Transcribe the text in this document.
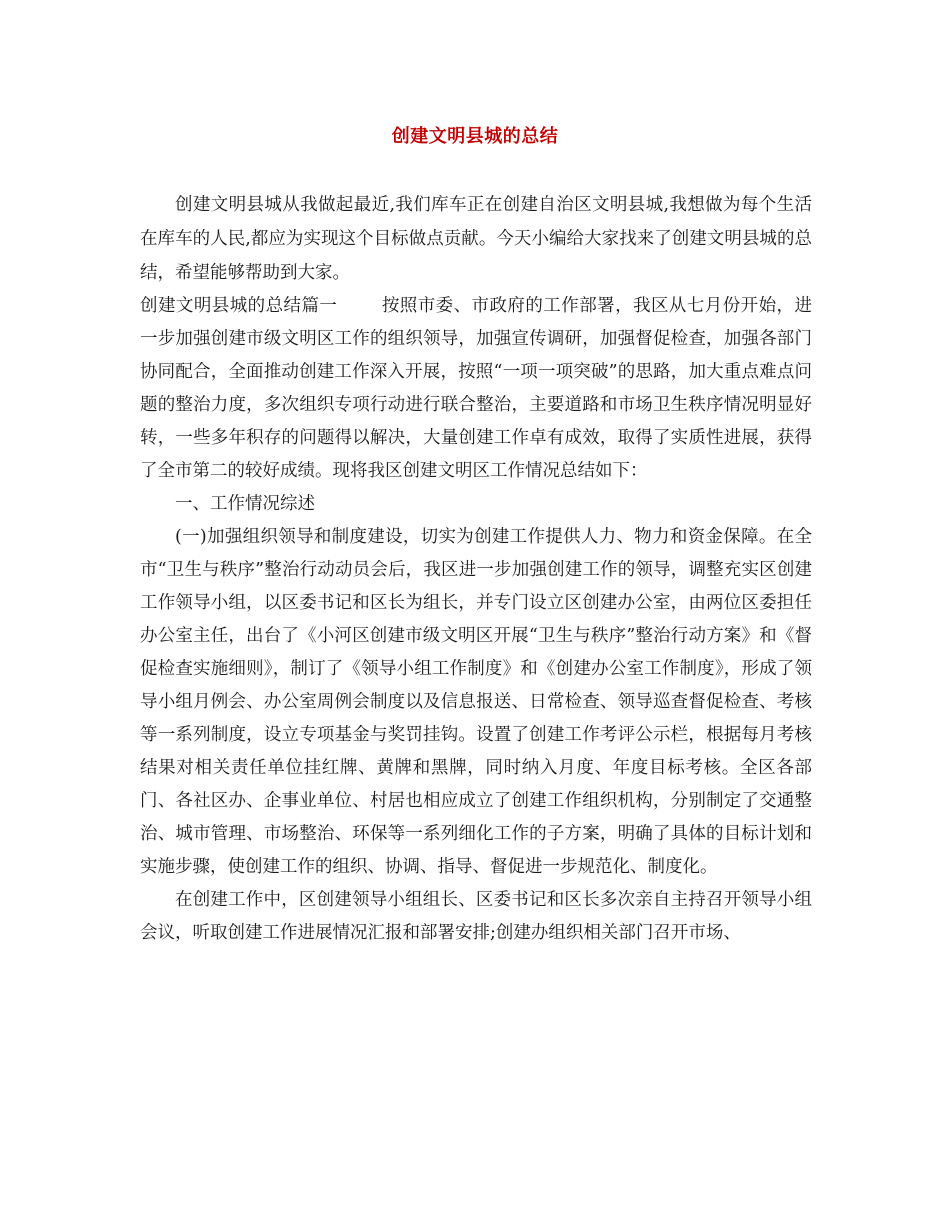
创建文明县城的总结

创建文明县城从我做起最近,我们库车正在创建自治区文明县城,我想做为每个生活在库车的人民,都应为实现这个目标做点贡献。今天小编给大家找来了创建文明县城的总结，希望能够帮助到大家。

创建文明县城的总结篇一	按照市委、市政府的工作部署，我区从七月份开始，进一步加强创建市级文明区工作的组织领导，加强宣传调研，加强督促检查，加强各部门协同配合，全面推动创建工作深入开展，按照“一项一项突破”的思路，加大重点难点问题的整治力度，多次组织专项行动进行联合整治，主要道路和市场卫生秩序情况明显好转，一些多年积存的问题得以解决，大量创建工作卓有成效，取得了实质性进展，获得了全市第二的较好成绩。现将我区创建文明区工作情况总结如下：

一、工作情况综述

(一)加强组织领导和制度建设，切实为创建工作提供人力、物力和资金保障。在全市“卫生与秩序”整治行动动员会后，我区进一步加强创建工作的领导，调整充实区创建工作领导小组，以区委书记和区长为组长，并专门设立区创建办公室，由两位区委担任办公室主任，出台了《小河区创建市级文明区开展“卫生与秩序”整治行动方案》和《督促检查实施细则》，制订了《领导小组工作制度》和《创建办公室工作制度》，形成了领导小组月例会、办公室周例会制度以及信息报送、日常检查、领导巡查督促检查、考核等一系列制度，设立专项基金与奖罚挂钩。设置了创建工作考评公示栏，根据每月考核结果对相关责任单位挂红牌、黄牌和黑牌，同时纳入月度、年度目标考核。全区各部门、各社区办、企事业单位、村居也相应成立了创建工作组织机构，分别制定了交通整治、城市管理、市场整治、环保等一系列细化工作的子方案，明确了具体的目标计划和实施步骤，使创建工作的组织、协调、指导、督促进一步规范化、制度化。

在创建工作中，区创建领导小组组长、区委书记和区长多次亲自主持召开领导小组会议，听取创建工作进展情况汇报和部署安排;创建办组织相关部门召开市场、
